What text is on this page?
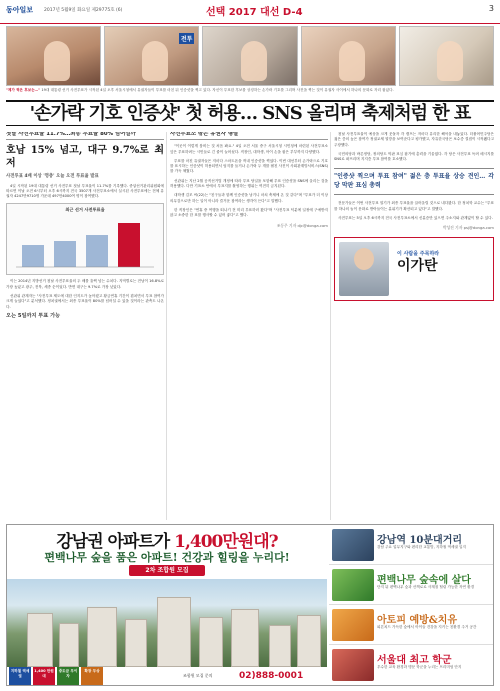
동아일보 2017년 5월9일 화요일 제29775호 (6)	선택 2017 대선 D-4	3
전투
"제가 찍은 후보는…" 19대 대통령 선거 사전투표가 시작된 4일 오후 서울시청에서 유권자들이 투표를 마친 뒤 인증샷을 찍고 있다. 자신이 투표한 후보를 상징하는 손가락 기호를 그리며 사진을 찍는 것이 유권자 사이에서 하나의 문화로 자리 잡았다.
'손가락 기호 인증샷' 첫 허용… SNS 올리며 축제처럼 한 표
첫날 사전투표율 11.7%…최종 투표율 80% 넘어설까
호남 15% 넘고, 대구 9.7%로 최저
사전투표 4배 이상 '껑충' 오늘 오전 투표율 발표

4일 시작된 19대 대통령 선거 사전투표 첫날 투표율이 11.7%를 기록했다. 중앙선거관리위원회에 따르면 이날 오전 6시부터 오후 6시까지 전국 3507개 사전투표소에서 실시된 사전투표에는 전체 유권자 4247만9710명 가운데 497만4000여 명이 참여했다.

최근 선거 사전투표율

이는 2014년 지방선거 첫날 사전투표율의 두 배를 훌쩍 넘는 수치다. 지역별로는 전남이 16.8%로 가장 높았고 광주, 전북, 세종 순이었다. 반면 대구는 9.7%로 가장 낮았다.

선관위 관계자는 "사전투표 제도에 대한 인지도가 높아졌고 황금연휴 기간이 겹치면서 투표 참여가 크게 늘었다"고 분석했다. 정치권에서는 최종 투표율이 80%를 넘어설 수 있을 것이라는 관측도 나온다.

오는 5일까지 투표 가능
사전투표소 밖은 유권자 행렬

"이곳이 이렇게 붐비는 것 처음 봐요." 4일 오전 서울 중구 서울시청 시민청에 마련된 사전투표소 앞은 투표하려는 시민들로 긴 줄이 늘어섰다. 직장인, 대학생, 아이 손을 잡은 부부까지 다양했다.

투표를 마친 유권자들은 저마다 스마트폰을 꺼내 인증샷을 찍었다. 이번 대선부터 손가락으로 기호를 표시하는 인증샷이 허용되면서 엄지를 들거나 손가락 두 개를 펼친 사진이 사회관계망서비스(SNS)를 가득 채웠다.

선관위는 지난 2월 공직선거법 개정에 따라 투표 당일을 포함해 투표 인증샷을 SNS에 올리는 것을 허용했다. 다만 기표소 안에서 투표지를 촬영하는 행위는 여전히 금지된다.

대학생 김모 씨(22)는 "친구들과 함께 인증샷을 남기니 마치 축제에 온 것 같다"며 "투표가 더 이상 의무감으로만 하는 일이 아니라 즐거운 참여라는 생각이 든다"고 말했다.

한 직장인은 "연휴 중 여행을 떠나기 전 미리 투표하러 왔다"며 "사전투표 덕분에 일정에 구애받지 않고 소중한 한 표를 행사할 수 있어 좋다"고 했다.

조동주 기자 djc@donga.com

첫날 사전투표율이 예상을 크게 웃돌자 각 캠프는 저마다 유리한 해석을 내놓았다. 더불어민주당은 젊은 층의 높은 참여가 정권교체 열망을 보여준다고 평가했고, 자유한국당은 보수층 결집이 시작됐다고 주장했다.

국민의당과 바른정당, 정의당도 막판 표심 잡기에 총력을 기울였다. 각 당은 사전투표 독려 메시지를 SNS로 퍼뜨리며 지지층 투표 참여를 호소했다.

"인증샷 찍으며 투표 참여" 젊은 층 투표율 상승 견인… 각 당 막판 표심 총력

전문가들은 이번 사전투표 열기가 최종 투표율을 끌어올릴 것으로 내다봤다. 한 정치학 교수는 "투표를 하나의 놀이 문화로 받아들이는 분위기가 확산되고 있다"고 말했다.

사전투표는 5일 오후 6시까지 전국 사전투표소에서 신분증만 있으면 주소지와 관계없이 할 수 있다.

박성진 기자 psj@donga.com
이 사람을 주목하라
이가탄
강남권 아파트가 1,400만원대?
편백나무 숲을 품은 아파트! 건강과 힐링을 누리다!
2차 조합원 모집
지하철 역세권
1,400 만원대
중도금 무이자
확장 무상
조합원 모집 문의	02)888-0001
강남역 10분대거리
강남 주요 업무지구와 편리한 교통망, 지하철 역세권 입지
편백나무 숲속에 살다
단지 뒤 편백나무 숲과 산책로로 사계절 힐링 가능한 자연 환경
아토피 예방&치유
피톤치드 가득한 숲에서 아이들 건강을 지키는 친환경 주거 공간
서울대 최고 학군
우수한 교육 환경과 명문 학군을 누리는 프리미엄 단지
